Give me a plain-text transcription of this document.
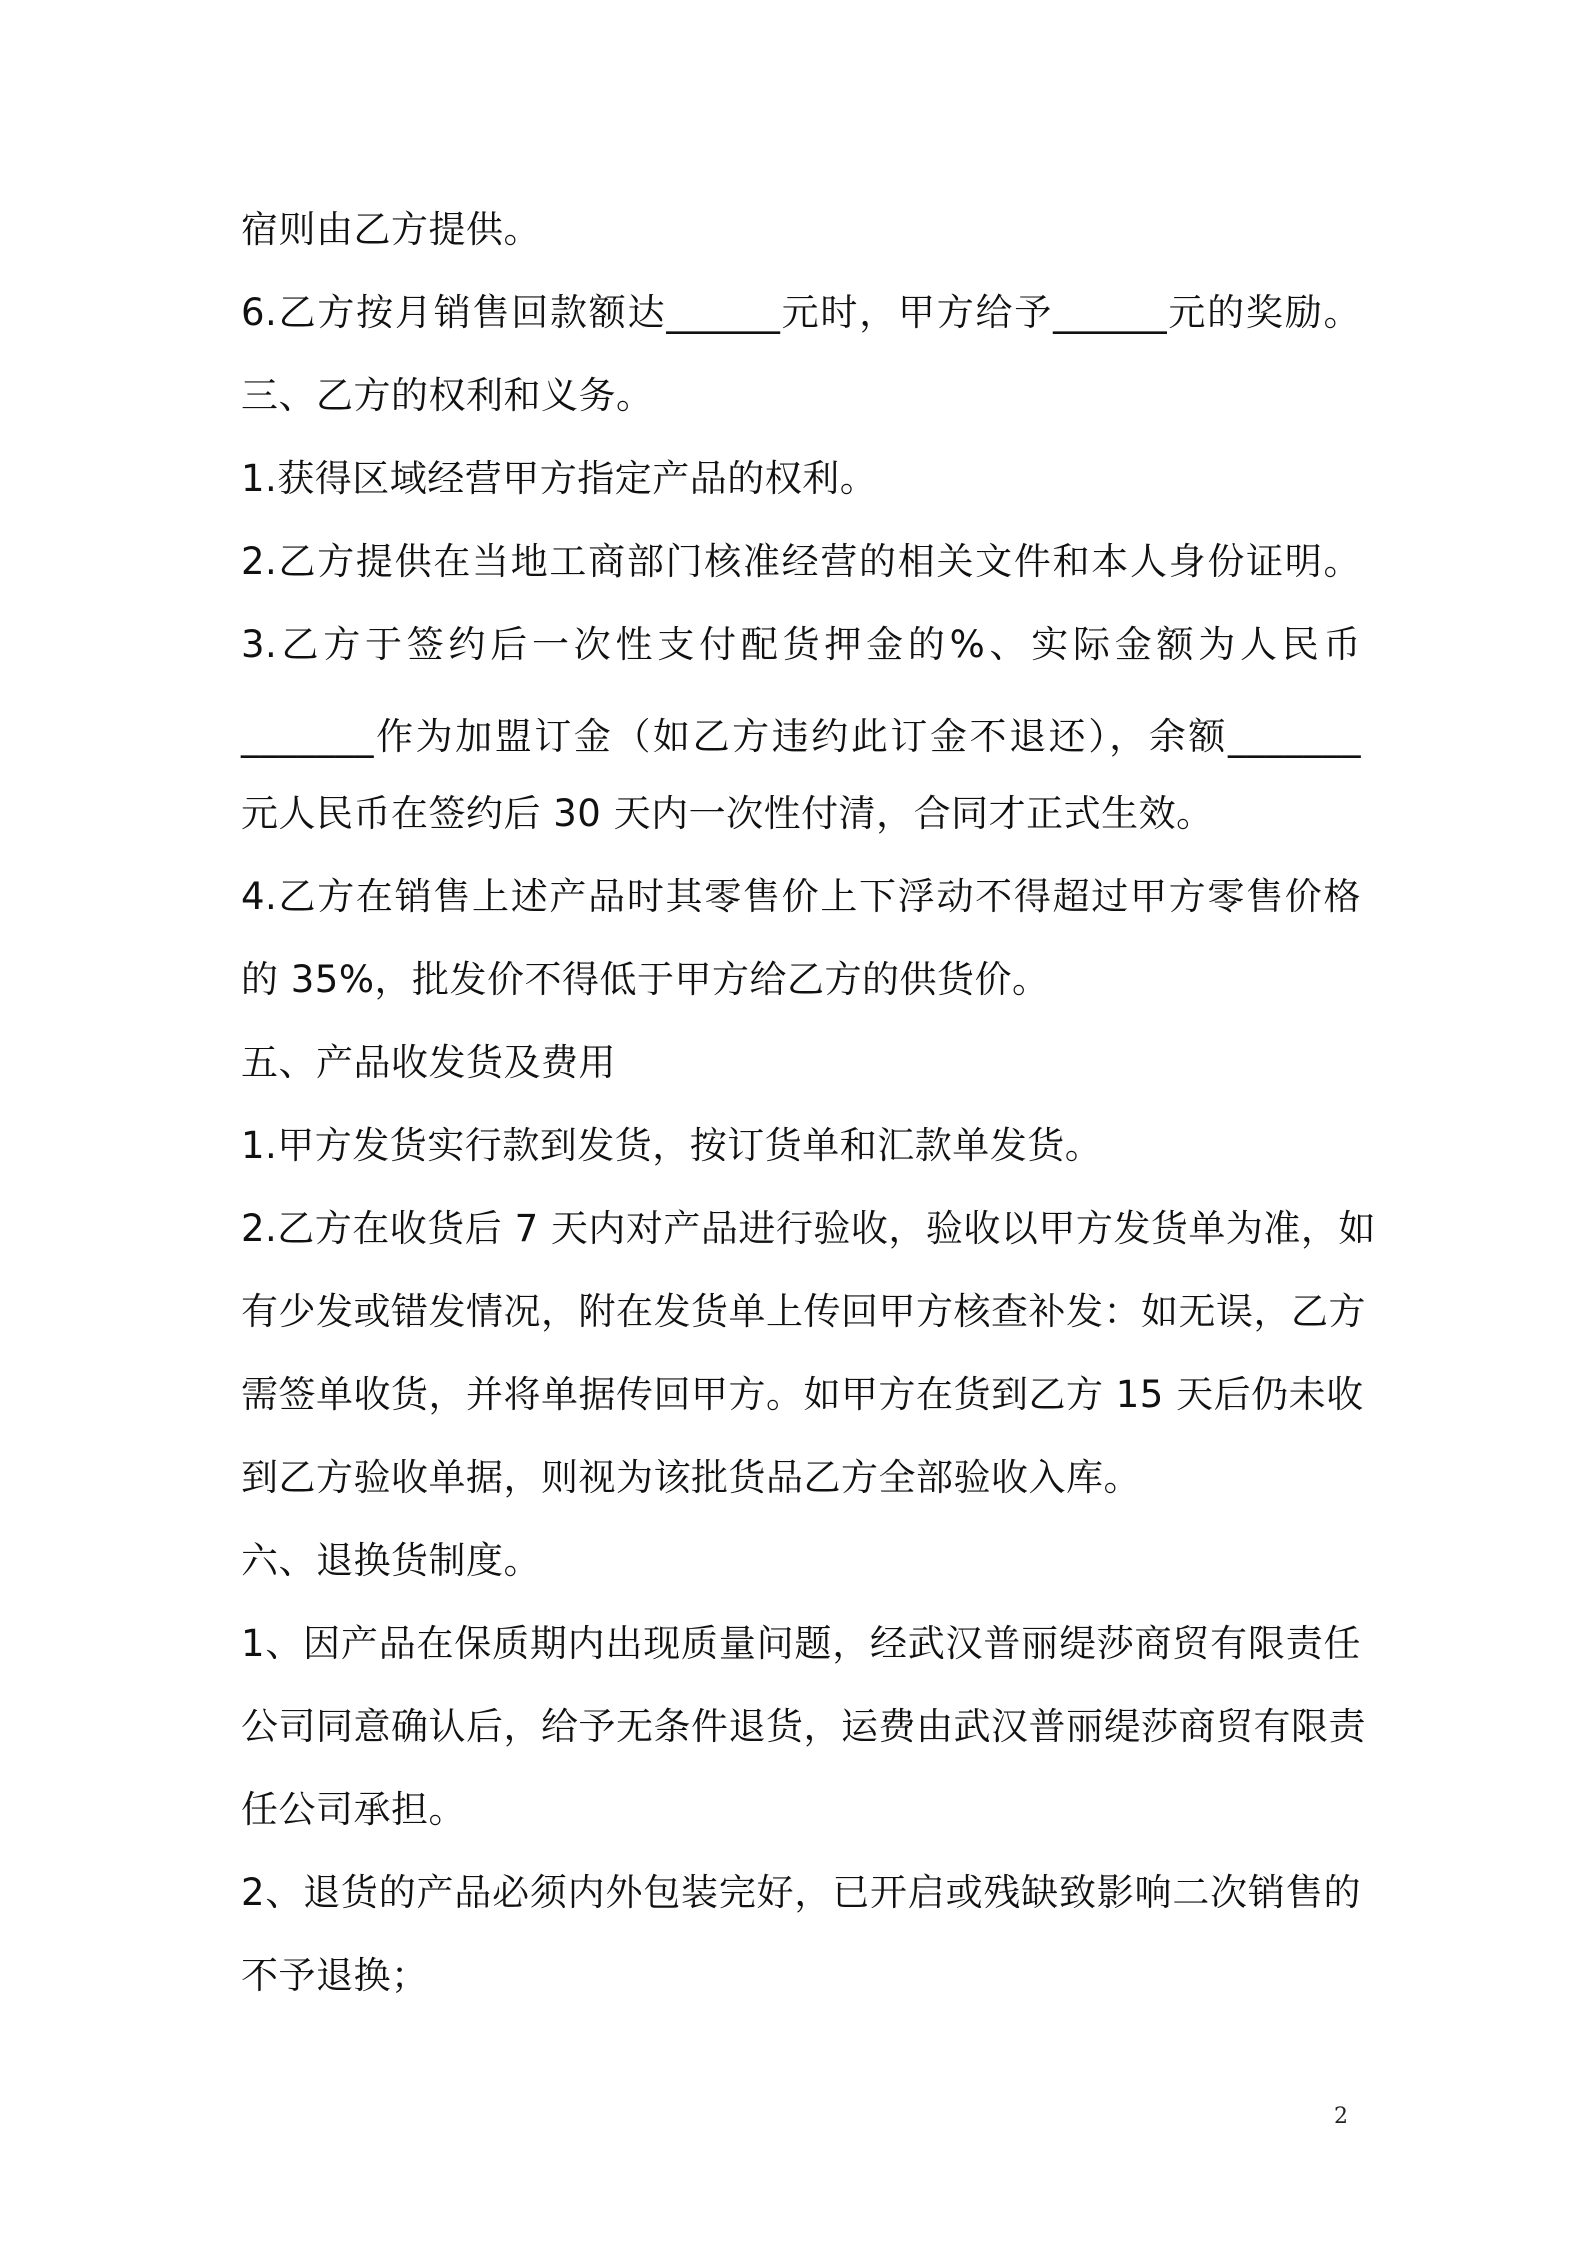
宿则由乙方提供。
6.乙方按月销售回款额达______元时，甲方给予______元的奖励。
三、乙方的权利和义务。
1.获得区域经营甲方指定产品的权利。
2.乙方提供在当地工商部门核准经营的相关文件和本人身份证明。
3.乙方于签约后一次性支付配货押金的%、实际金额为人民币
_______作为加盟订金（如乙方违约此订金不退还），余额_______
元人民币在签约后 30 天内一次性付清，合同才正式生效。
4.乙方在销售上述产品时其零售价上下浮动不得超过甲方零售价格
的 35%，批发价不得低于甲方给乙方的供货价。
五、产品收发货及费用
1.甲方发货实行款到发货，按订货单和汇款单发货。
2.乙方在收货后 7 天内对产品进行验收，验收以甲方发货单为准，如
有少发或错发情况，附在发货单上传回甲方核查补发：如无误，乙方
需签单收货，并将单据传回甲方。如甲方在货到乙方 15 天后仍未收
到乙方验收单据，则视为该批货品乙方全部验收入库。
六、退换货制度。
1、因产品在保质期内出现质量问题，经武汉普丽缇莎商贸有限责任
公司同意确认后，给予无条件退货，运费由武汉普丽缇莎商贸有限责
任公司承担。
2、退货的产品必须内外包装完好，已开启或残缺致影响二次销售的
不予退换；
2
